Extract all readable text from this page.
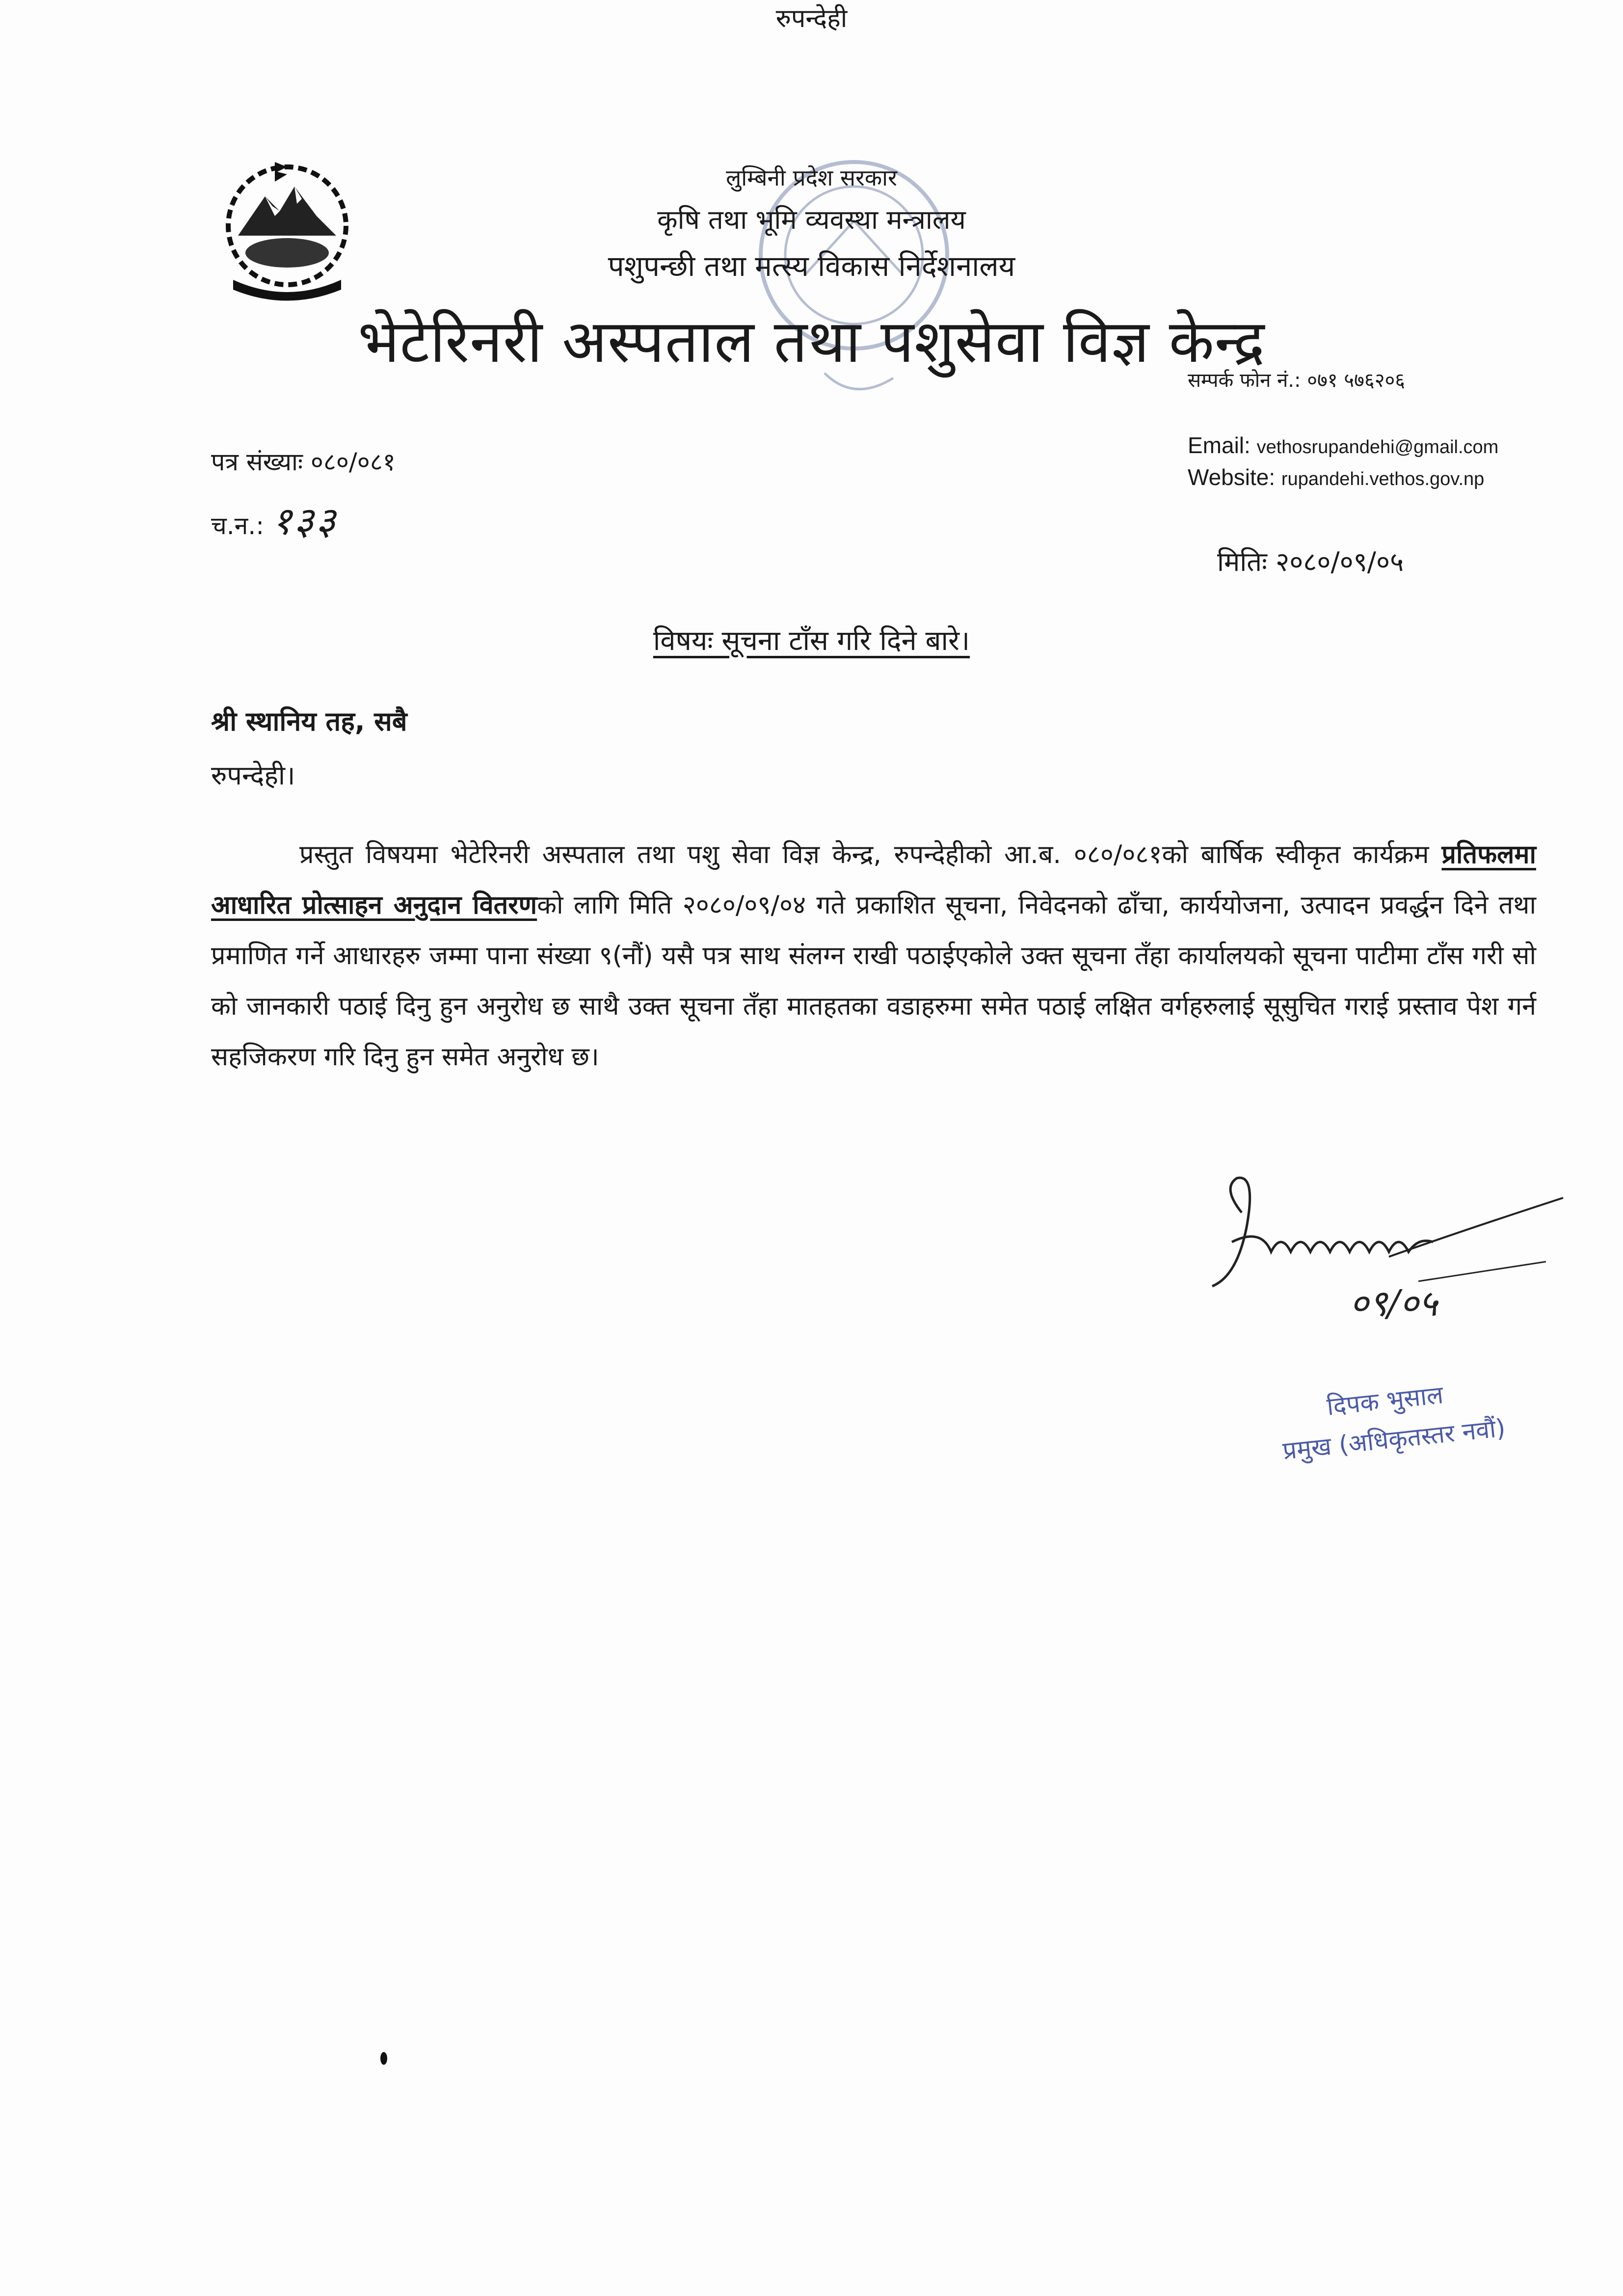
लुम्बिनी प्रदेश सरकार
कृषि तथा भूमि व्यवस्था मन्त्रालय
पशुपन्छी तथा मत्स्य विकास निर्देशनालय
भेटेरिनरी अस्पताल तथा पशुसेवा विज्ञ केन्द्र
रुपन्देही
सम्पर्क फोन नं.: ०७१ ५७६२०६
Email: vethosrupandehi@gmail.com
Website: rupandehi.vethos.gov.np
पत्र संख्याः ०८०/०८१
च.न.: १३३
मितिः २०८०/०९/०५
विषयः सूचना टाँस गरि दिने बारे।
श्री स्थानिय तह, सबै
रुपन्देही।
प्रस्तुत विषयमा भेटेरिनरी अस्पताल तथा पशु सेवा विज्ञ केन्द्र, रुपन्देहीको आ.ब. ०८०/०८१को बार्षिक स्वीकृत कार्यक्रम प्रतिफलमा आधारित प्रोत्साहन अनुदान वितरणको लागि मिति २०८०/०९/०४ गते प्रकाशित सूचना, निवेदनको ढाँचा, कार्ययोजना, उत्पादन प्रवर्द्धन दिने तथा प्रमाणित गर्ने आधारहरु जम्मा पाना संख्या ९(नौं) यसै पत्र साथ संलग्न राखी पठाईएकोले उक्त सूचना तँहा कार्यालयको सूचना पाटीमा टाँस गरी सो को जानकारी पठाई दिनु हुन अनुरोध छ साथै उक्त सूचना तँहा मातहतका वडाहरुमा समेत पठाई लक्षित वर्गहरुलाई सूसुचित गराई प्रस्ताव पेश गर्न सहजिकरण गरि दिनु हुन समेत अनुरोध छ।
०९/०५
दिपक भुसाल
प्रमुख (अधिकृतस्तर नवौं)
